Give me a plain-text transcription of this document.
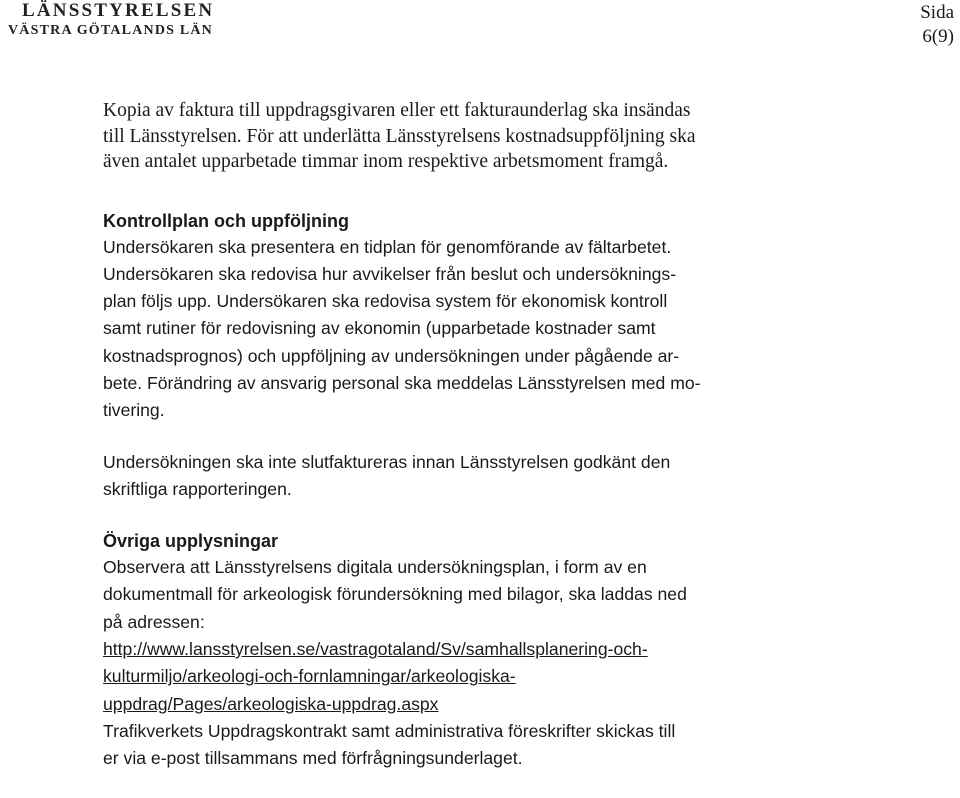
LÄNSSTYRELSEN
VÄSTRA GÖTALANDS LÄN
Sida
6(9)

Kopia av faktura till uppdragsgivaren eller ett fakturaunderlag ska insändas
till Länsstyrelsen. För att underlätta Länsstyrelsens kostnadsuppföljning ska
även antalet upparbetade timmar inom respektive arbetsmoment framgå.

Kontrollplan och uppföljning

Undersökaren ska presentera en tidplan för genomförande av fältarbetet.
Undersökaren ska redovisa hur avvikelser från beslut och undersöknings-
plan följs upp. Undersökaren ska redovisa system för ekonomisk kontroll
samt rutiner för redovisning av ekonomin (upparbetade kostnader samt
kostnadsprognos) och uppföljning av undersökningen under pågående ar-
bete. Förändring av ansvarig personal ska meddelas Länsstyrelsen med mo-
tivering.

Undersökningen ska inte slutfaktureras innan Länsstyrelsen godkänt den
skriftliga rapporteringen.

Övriga upplysningar

Observera att Länsstyrelsens digitala undersökningsplan, i form av en
dokumentmall för arkeologisk förundersökning med bilagor, ska laddas ned
på adressen:
http://www.lansstyrelsen.se/vastragotaland/Sv/samhallsplanering-och-
kulturmiljo/arkeologi-och-fornlamningar/arkeologiska-
uppdrag/Pages/arkeologiska-uppdrag.aspx
Trafikverkets Uppdragskontrakt samt administrativa föreskrifter skickas till
er via e-post tillsammans med förfrågningsunderlaget.
